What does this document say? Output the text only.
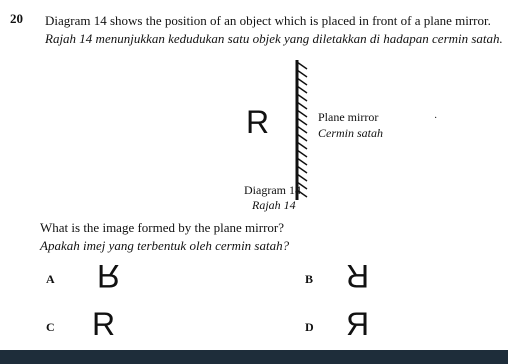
20 Diagram 14 shows the position of an object which is placed in front of a plane mirror.
Rajah 14 menunjukkan kedudukan satu objek yang diletakkan di hadapan cermin satah.
R	Plane mirror
Cermin satah
·
Diagram 14
Rajah 14
What is the image formed by the plane mirror?
Apakah imej yang terbentuk oleh cermin satah?
A R	B R
C R	D R
